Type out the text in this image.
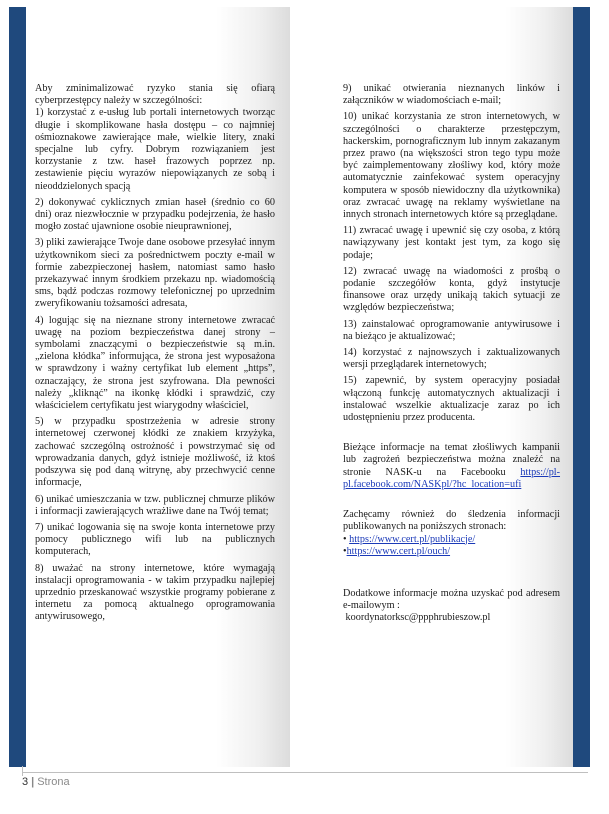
Aby zminimalizować ryzyko stania się ofiarą cyberprzestępcy należy w szczególności:

1) korzystać z e-usług lub portali internetowych tworząc długie i skomplikowane hasła dostępu – co najmniej ośmioznakowe zawierające małe, wielkie litery, znaki specjalne lub cyfry. Dobrym rozwiązaniem jest korzystanie z tzw. haseł frazowych poprzez np. zestawienie pięciu wyrazów niepowiązanych ze sobą i nieoddzielonych spacją

2) dokonywać cyklicznych zmian haseł (średnio co 60 dni) oraz niezwłocznie w przypadku podejrzenia, że hasło mogło zostać ujawnione osobie nieuprawnionej,

3) pliki zawierające Twoje dane osobowe przesyłać innym użytkownikom sieci za pośrednictwem poczty e-mail w formie zabezpieczonej hasłem, natomiast samo hasło przekazywać innym środkiem przekazu np. wiadomością sms, bądź podczas rozmowy telefonicznej po uprzednim zweryfikowaniu tożsamości adresata,

4) logując się na nieznane strony internetowe zwracać uwagę na poziom bezpieczeństwa danej strony – symbolami znaczącymi o bezpieczeństwie są m.in. „zielona kłódka” informująca, że strona jest wyposażona w sprawdzony i ważny certyfikat lub element „https”, oznaczający, że strona jest szyfrowana. Dla pewności należy „kliknąć” na ikonkę kłódki i sprawdzić, czy właścicielem certyfikatu jest wiarygodny właściciel,

5) w przypadku spostrzeżenia w adresie strony internetowej czerwonej kłódki ze znakiem krzyżyka, zachować szczególną ostrożność i powstrzymać się od wprowadzania danych, gdyż istnieje możliwość, iż ktoś podszywa się pod daną witrynę, aby przechwycić cenne informacje,

6) unikać umieszczania w tzw. publicznej chmurze plików i informacji zawierających wrażliwe dane na Twój temat;

7) unikać logowania się na swoje konta internetowe przy pomocy publicznego wifi lub na publicznych komputerach,

8) uważać na strony internetowe, które wymagają instalacji oprogramowania - w takim przypadku najlepiej uprzednio przeskanować wszystkie programy pobierane z internetu za pomocą aktualnego oprogramowania antywirusowego,

9) unikać otwierania nieznanych linków i załączników w wiadomościach e-mail;

10) unikać korzystania ze stron internetowych, w szczególności o charakterze przestępczym, hackerskim, pornograficznym lub innym zakazanym przez prawo (na większości stron tego typu może być zaimplementowany złośliwy kod, który może automatycznie zainfekować system operacyjny komputera w sposób niewidoczny dla użytkownika) oraz zwracać uwagę na reklamy wyświetlane na innych stronach internetowych które są przeglądane.

11) zwracać uwagę i upewnić się czy osoba, z którą nawiązywany jest kontakt jest tym, za kogo się podaje;

12) zwracać uwagę na wiadomości z prośbą o podanie szczegółów konta, gdyż instytucje finansowe oraz urzędy unikają takich sytuacji ze względów bezpieczeństwa;

13) zainstalować oprogramowanie antywirusowe i na bieżąco je aktualizować;

14) korzystać z najnowszych i zaktualizowanych wersji przeglądarek internetowych;

15) zapewnić, by system operacyjny posiadał włączoną funkcję automatycznych aktualizacji i instalować wszelkie aktualizacje zaraz po ich udostępnieniu przez producenta.

Bieżące informacje na temat złośliwych kampanii lub zagrożeń bezpieczeństwa można znaleźć na stronie NASK-u na Facebooku https://pl-pl.facebook.com/NASKpl/?hc_location=ufi

Zachęcamy również do śledzenia informacji publikowanych na poniższych stronach:

• https://www.cert.pl/publikacje/
•https://www.cert.pl/ouch/

Dodatkowe informacje można uzyskać pod adresem e-mailowym :

koordynatorksc@ppphrubieszow.pl

3 | Strona
